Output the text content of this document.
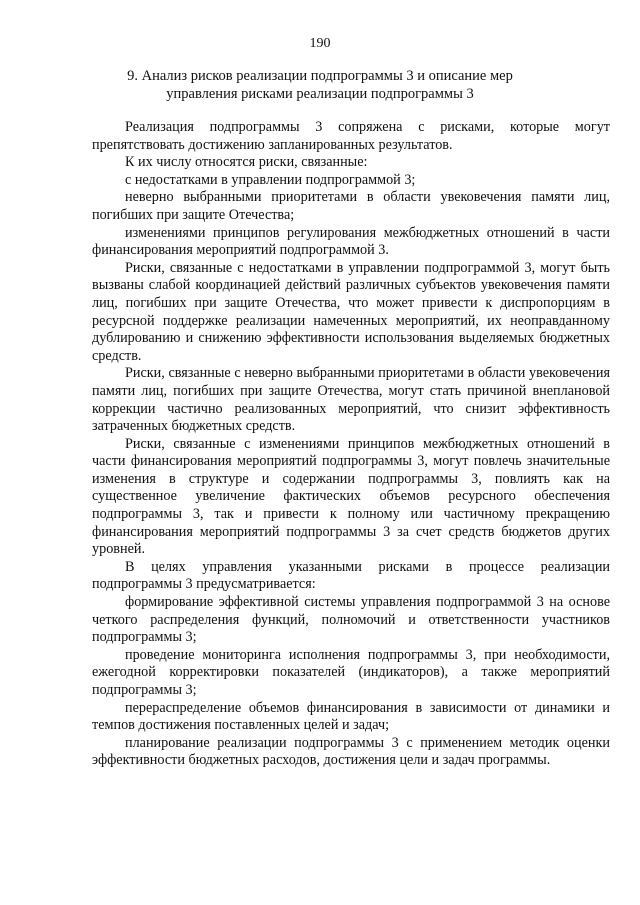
190
9. Анализ рисков реализации подпрограммы 3 и описание мер
управления рисками реализации подпрограммы 3

Реализация подпрограммы 3 сопряжена с рисками, которые могут препятствовать достижению запланированных результатов.

К их числу относятся риски, связанные:

с недостатками в управлении подпрограммой 3;

неверно выбранными приоритетами в области увековечения памяти лиц, погибших при защите Отечества;

изменениями принципов регулирования межбюджетных отношений в части финансирования мероприятий подпрограммой 3.

Риски, связанные с недостатками в управлении подпрограммой 3, могут быть вызваны слабой координацией действий различных субъектов увековечения памяти лиц, погибших при защите Отечества, что может привести к диспропорциям в ресурсной поддержке реализации намеченных мероприятий, их неоправданному дублированию и снижению эффективности использования выделяемых бюджетных средств.

Риски, связанные с неверно выбранными приоритетами в области увековечения памяти лиц, погибших при защите Отечества, могут стать причиной внеплановой коррекции частично реализованных мероприятий, что снизит эффективность затраченных бюджетных средств.

Риски, связанные с изменениями принципов межбюджетных отношений в части финансирования мероприятий подпрограммы 3, могут повлечь значительные изменения в структуре и содержании подпрограммы 3, повлиять как на существенное увеличение фактических объемов ресурсного обеспечения подпрограммы 3, так и привести к полному или частичному прекращению финансирования мероприятий подпрограммы 3 за счет средств бюджетов других уровней.

В целях управления указанными рисками в процессе реализации подпрограммы 3 предусматривается:

формирование эффективной системы управления подпрограммой 3 на основе четкого распределения функций, полномочий и ответственности участников подпрограммы 3;

проведение мониторинга исполнения подпрограммы 3, при необходимости, ежегодной корректировки показателей (индикаторов), а также мероприятий подпрограммы 3;

перераспределение объемов финансирования в зависимости от динамики и темпов достижения поставленных целей и задач;

планирование реализации подпрограммы 3 с применением методик оценки эффективности бюджетных расходов, достижения цели и задач программы.
